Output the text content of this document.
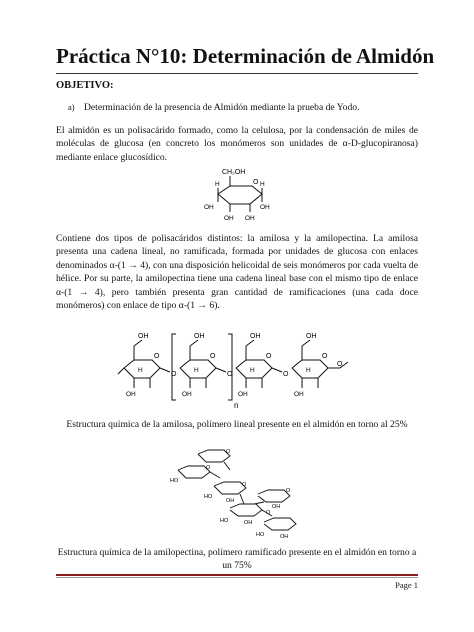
Práctica N°10: Determinación de Almidón
OBJETIVO:
a) Determinación de la presencia de Almidón mediante la prueba de Yodo.
El almidón es un polisacárido formado, como la celulosa, por la condensación de miles de moléculas de glucosa (en concreto los monómeros son unidades de α-D-glucopiranosa) mediante enlace glucosídico.
CH₂OH
O
OH
OH OH
OH
H	H
Contiene dos tipos de polisacáridos distintos: la amilosa y la amilopectina. La amilosa presenta una cadena lineal, no ramificada, formada por unidades de glucosa con enlaces denominados α-(1 → 4), con una disposición helicoidal de seis monómeros por cada vuelta de hélice. Por su parte, la amilopectina tiene una cadena lineal base con el mismo tipo de enlace α-(1 → 4), pero también presenta gran cantidad de ramificaciones (una cada doce monómeros) con enlace de tipo α-(1 → 6).
OH	OH	OH	OH
O	O	O	O
O	O	O
O
H	H	H	H
OH	OH	OH	OH
n
Estructura química de la amilosa, polímero lineal presente en el almidón en torno al 25%
O
HO
O
HO
OH
O
HO	OH
O
HO	OH
O
OH
Estructura química de la amilopectina, polímero ramificado presente en el almidón en torno a un 75%
Page 1
